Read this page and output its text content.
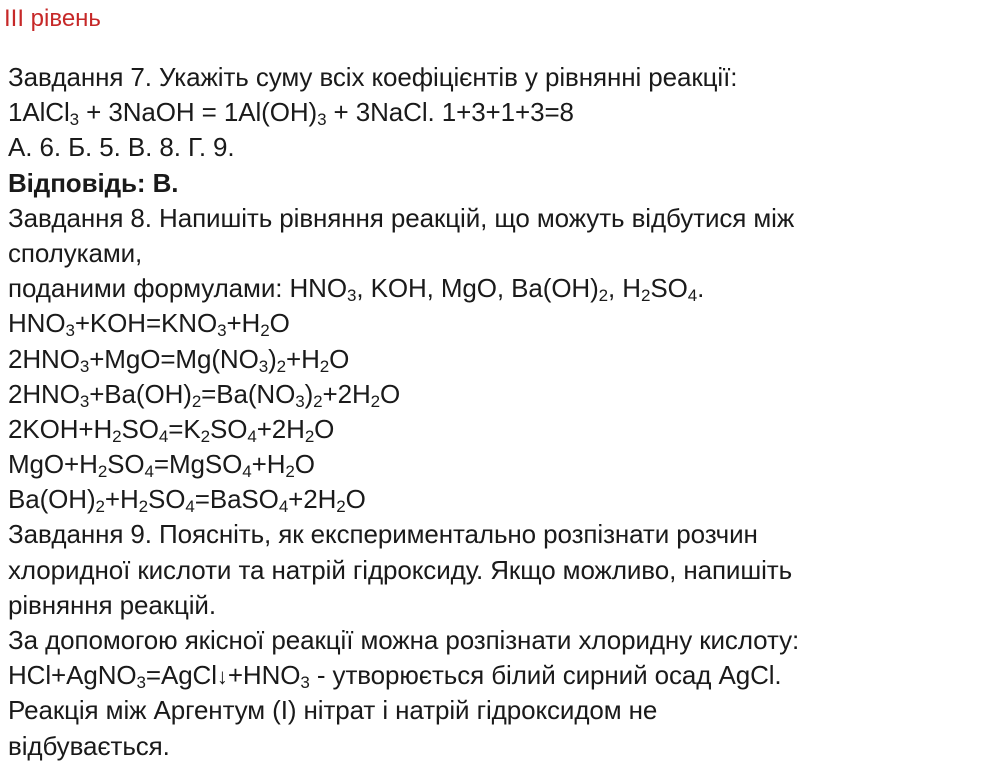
III рівень
Завдання 7. Укажіть суму всіх коефіцієнтів у рівнянні реакції:
1AlCl$_3$ + 3NaOH = $1Al(OH)_3$ + 3NaCl. 1+3+1+3=8
А. 6. Б. 5. В. 8. Г. 9.
Відповідь: В.
Завдання 8. Напишіть рівняння реакцій, що можуть відбутися між
сполуками,
поданими формулами: $HNO_3$, KOH, MgO, $Ba(OH)_2$, $H_2SO_4$.
$HNO_3+KOH=KNO_3+H_2O$
$2HNO_3+MgO=Mg(NO_3)_2+H_2O$
$2HNO_3+Ba(OH)_2=Ba(NO_3)_2+2H_2O$
$2KOH+H_2SO_4=K_2SO_4+2H_2O$
$MgO+H_2SO_4=MgSO_4+H_2O$
$Ba(OH)_2+H_2SO_4=BaSO_4+2H_2O$
Завдання 9. Поясніть, як експериментально розпізнати розчин
хлоридної кислоти та натрій гідроксиду. Якщо можливо, напишіть
рівняння реакцій.
За допомогою якісної реакції можна розпізнати хлоридну кислоту:
$HCl+AgNO_3=AgCl↓+HNO_3$ - утворюється білий сирний осад AgCl.
Реакція між Аргентум (I) нітрат і натрій гідроксидом не
відбувається.
